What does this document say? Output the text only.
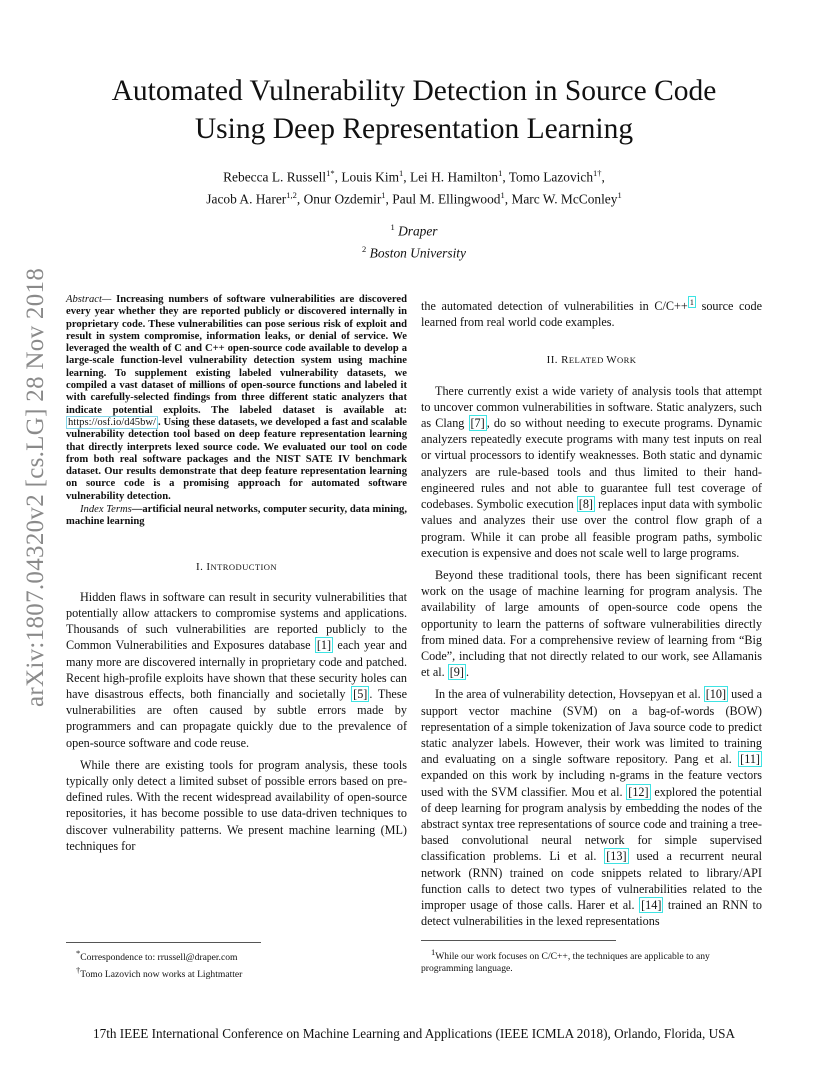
arXiv:1807.04320v2 [cs.LG] 28 Nov 2018
Automated Vulnerability Detection in Source Code
Using Deep Representation Learning
Rebecca L. Russell$^{1*}$, Louis Kim$^1$, Lei H. Hamilton$^1$, Tomo Lazovich$^{1\dagger}$,
Jacob A. Harer$^{1,2}$, Onur Ozdemir$^1$, Paul M. Ellingwood$^1$, Marc W. McConley$^1$
$^1$ Draper
$^2$ Boston University

Abstract— Increasing numbers of software vulnerabilities are discovered every year whether they are reported publicly or discovered internally in proprietary code. These vulnerabilities can pose serious risk of exploit and result in system compromise, information leaks, or denial of service. We leveraged the wealth of C and C++ open-source code available to develop a large-scale function-level vulnerability detection system using machine learning. To supplement existing labeled vulnerability datasets, we compiled a vast dataset of millions of open-source functions and labeled it with carefully-selected findings from three different static analyzers that indicate potential exploits. The labeled dataset is available at: https://osf.io/d45bw/ . Using these datasets, we developed a fast and scalable vulnerability detection tool based on deep feature representation learning that directly interprets lexed source code. We evaluated our tool on code from both real software packages and the NIST SATE IV benchmark dataset. Our results demonstrate that deep feature representation learning on source code is a promising approach for automated software vulnerability detection.

Index Terms—artificial neural networks, computer security, data mining, machine learning

I. INTRODUCTION

Hidden flaws in software can result in security vulnerabilities that potentially allow attackers to compromise systems and applications. Thousands of such vulnerabilities are reported publicly to the Common Vulnerabilities and Exposures database [1] each year and many more are discovered internally in proprietary code and patched. Recent high-profile exploits have shown that these security holes can have disastrous effects, both financially and societally [5] . These vulnerabilities are often caused by subtle errors made by programmers and can propagate quickly due to the prevalence of open-source software and code reuse.

While there are existing tools for program analysis, these tools typically only detect a limited subset of possible errors based on pre-defined rules. With the recent widespread availability of open-source repositories, it has become possible to use data-driven techniques to discover vulnerability patterns. We present machine learning (ML) techniques for

the automated detection of vulnerabilities in C/C++ $^1$ source code learned from real world code examples.

II. RELATED WORK

There currently exist a wide variety of analysis tools that attempt to uncover common vulnerabilities in software. Static analyzers, such as Clang [7] , do so without needing to execute programs. Dynamic analyzers repeatedly execute programs with many test inputs on real or virtual processors to identify weaknesses. Both static and dynamic analyzers are rule-based tools and thus limited to their hand-engineered rules and not able to guarantee full test coverage of codebases. Symbolic execution [8] replaces input data with symbolic values and analyzes their use over the control flow graph of a program. While it can probe all feasible program paths, symbolic execution is expensive and does not scale well to large programs.

Beyond these traditional tools, there has been significant recent work on the usage of machine learning for program analysis. The availability of large amounts of open-source code opens the opportunity to learn the patterns of software vulnerabilities directly from mined data. For a comprehensive review of learning from “Big Code”, including that not directly related to our work, see Allamanis et al. [9] .

In the area of vulnerability detection, Hovsepyan et al. [10] used a support vector machine (SVM) on a bag-of-words (BOW) representation of a simple tokenization of Java source code to predict static analyzer labels. However, their work was limited to training and evaluating on a single software repository. Pang et al. [11] expanded on this work by including n-grams in the feature vectors used with the SVM classifier. Mou et al. [12] explored the potential of deep learning for program analysis by embedding the nodes of the abstract syntax tree representations of source code and training a tree-based convolutional neural network for simple supervised classification problems. Li et al. [13] used a recurrent neural network (RNN) trained on code snippets related to library/API function calls to detect two types of vulnerabilities related to the improper usage of those calls. Harer et al. [14] trained an RNN to detect vulnerabilities in the lexed representations

*Correspondence to: rrussell@draper.com
†Tomo Lazovich now works at Lightmatter
$^1$While our work focuses on C/C++, the techniques are applicable to any programming language.
17th IEEE International Conference on Machine Learning and Applications (IEEE ICMLA 2018), Orlando, Florida, USA
